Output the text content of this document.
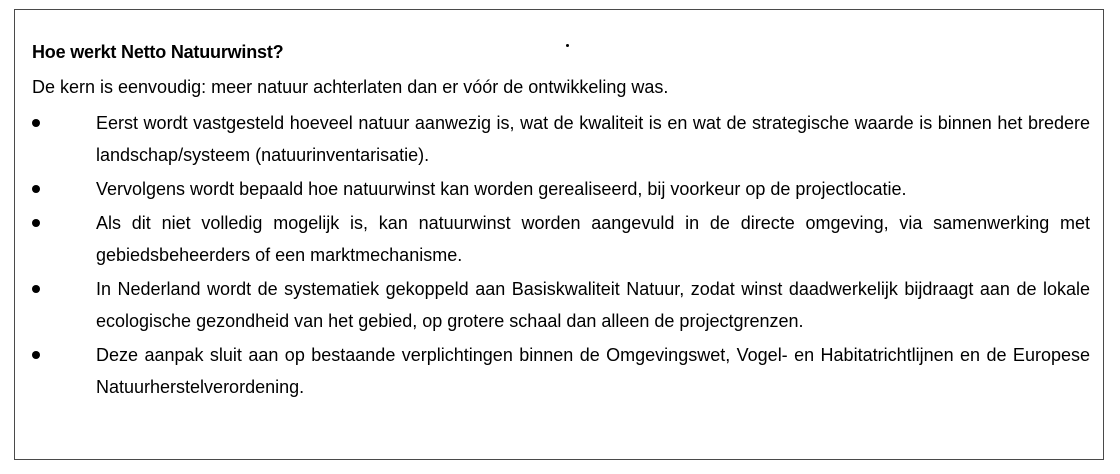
Hoe werkt Netto Natuurwinst?
De kern is eenvoudig: meer natuur achterlaten dan er vóór de ontwikkeling was.
Eerst wordt vastgesteld hoeveel natuur aanwezig is, wat de kwaliteit is en wat de strategische waarde is binnen het bredere landschap/systeem (natuurinventarisatie).
Vervolgens wordt bepaald hoe natuurwinst kan worden gerealiseerd, bij voorkeur op de projectlocatie.
Als dit niet volledig mogelijk is, kan natuurwinst worden aangevuld in de directe omgeving, via samenwerking met gebiedsbeheerders of een marktmechanisme.
In Nederland wordt de systematiek gekoppeld aan Basiskwaliteit Natuur, zodat winst daadwerkelijk bijdraagt aan de lokale ecologische gezondheid van het gebied, op grotere schaal dan alleen de projectgrenzen.
Deze aanpak sluit aan op bestaande verplichtingen binnen de Omgevingswet, Vogel- en Habitatrichtlijnen en de Europese Natuurherstelverordening.
